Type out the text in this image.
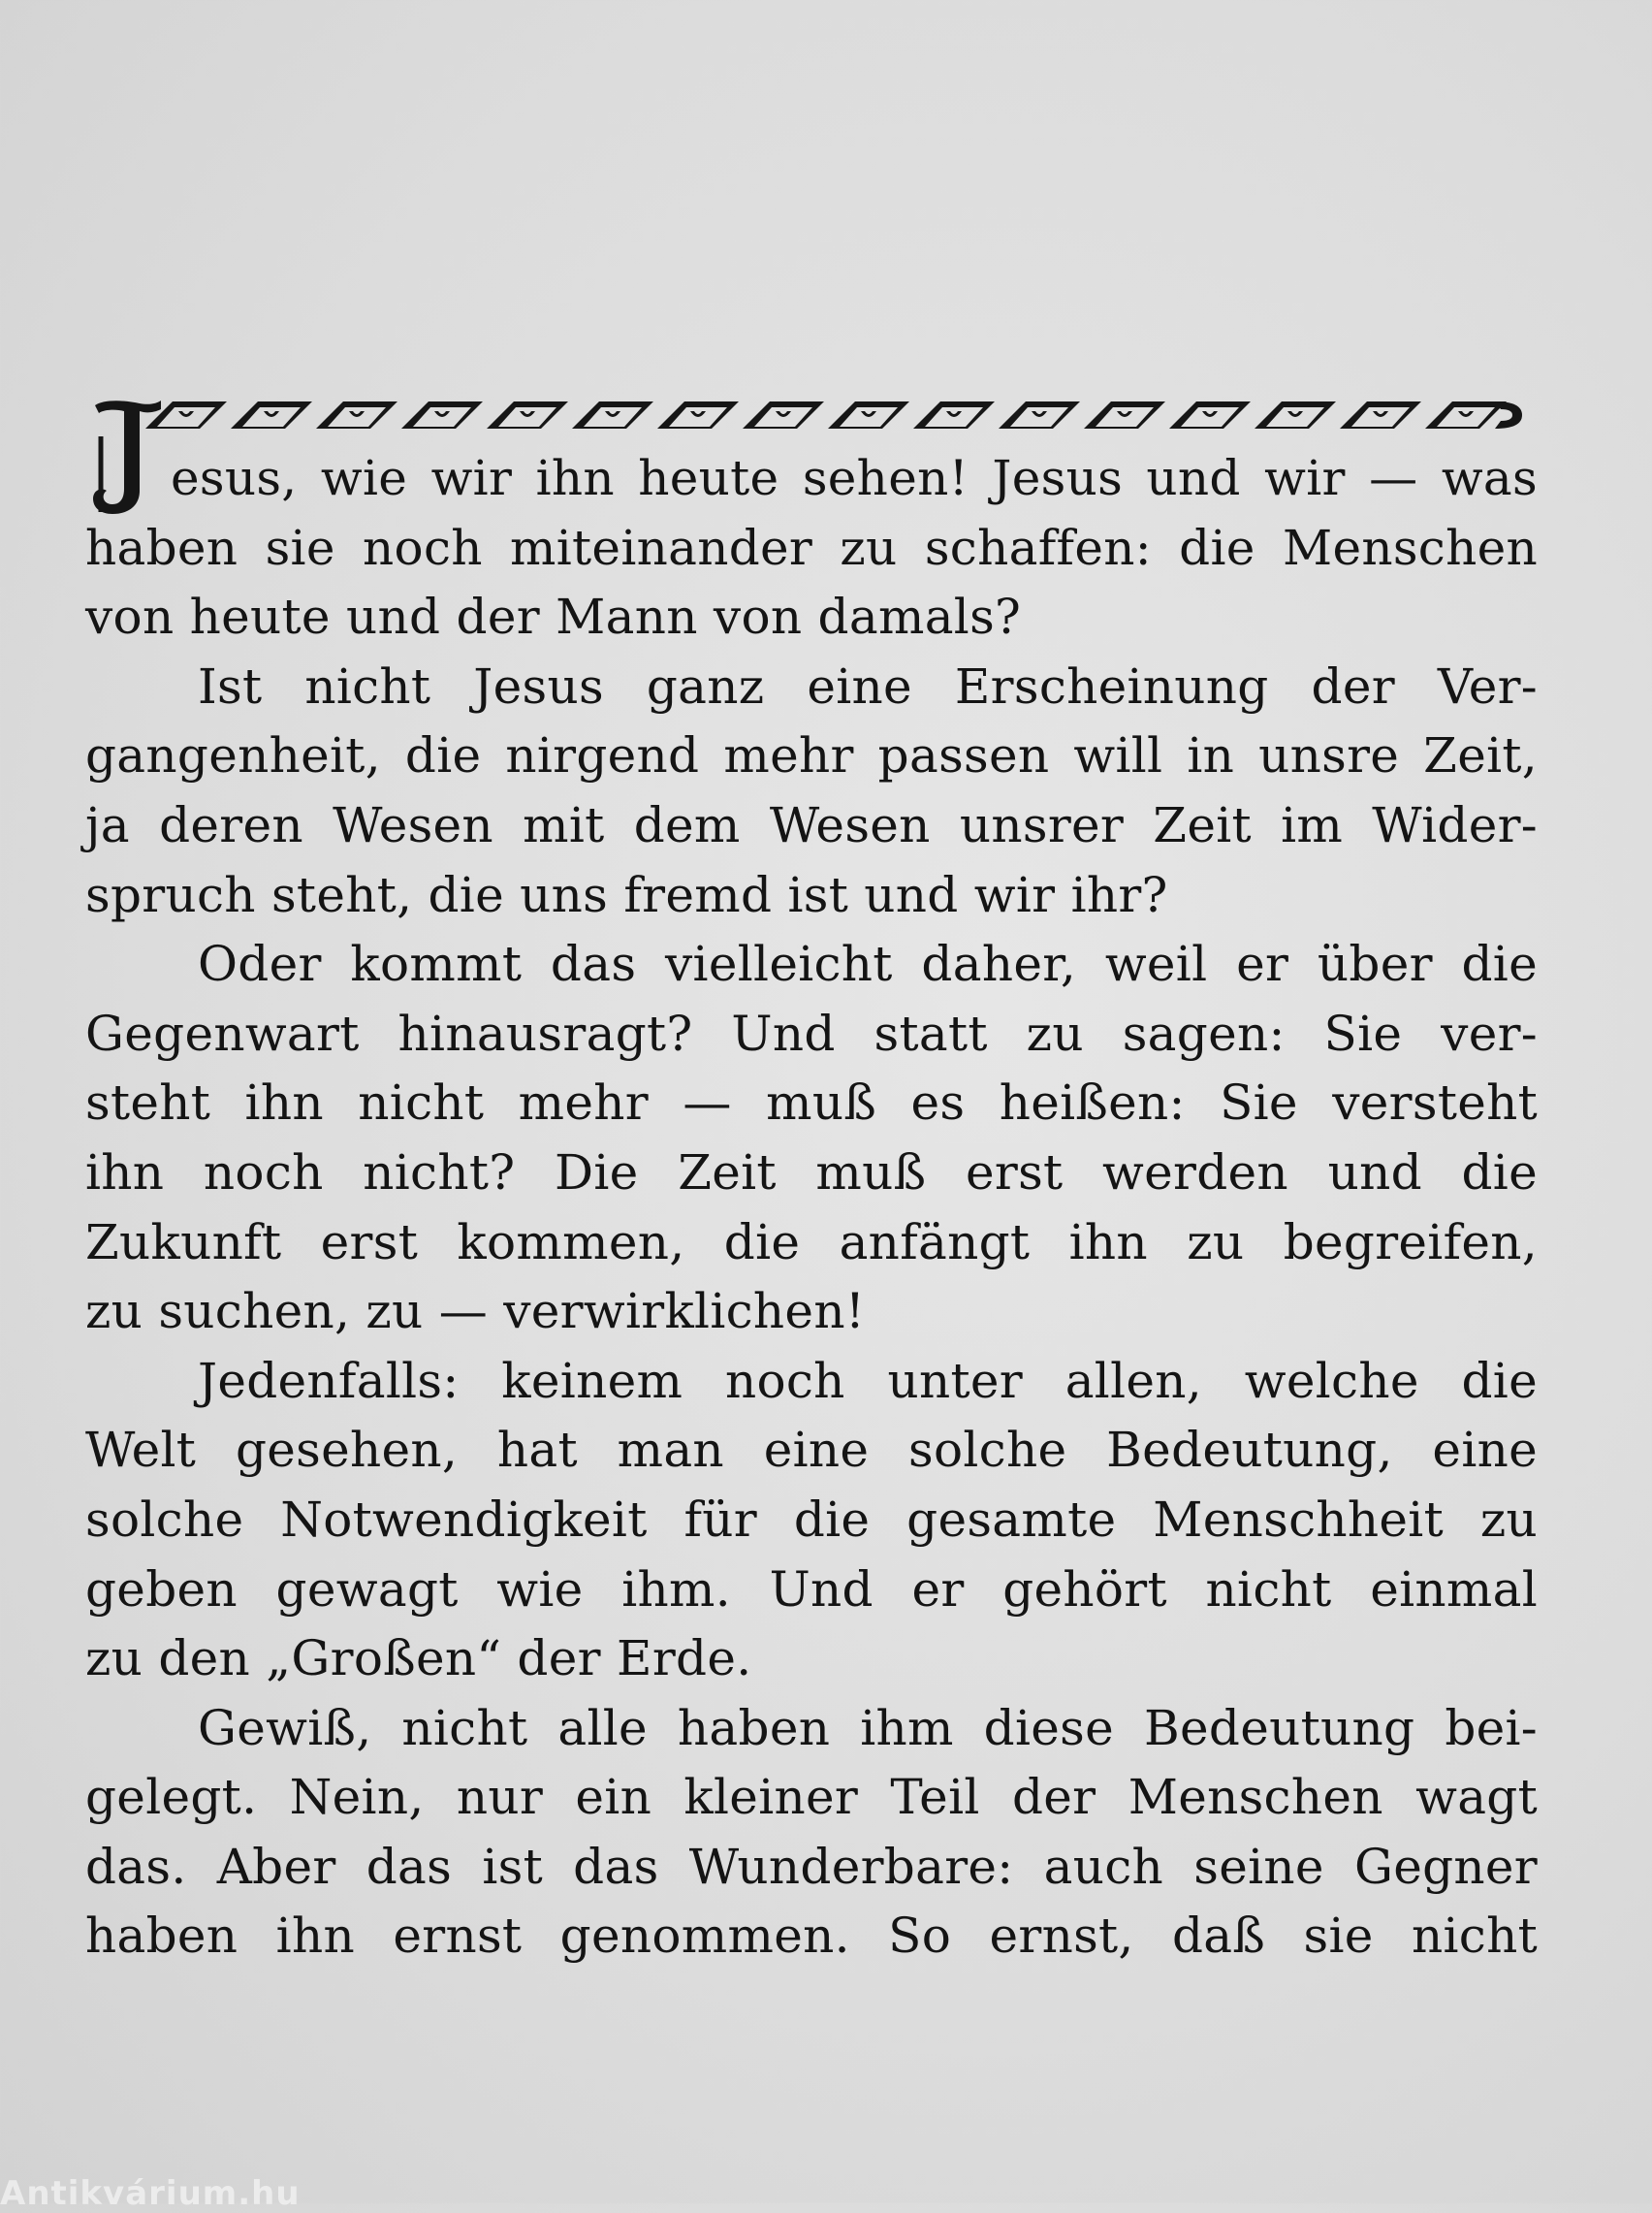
esus, wie wir ihn heute sehen! Jesus und wir — was
haben sie noch miteinander zu schaffen: die Menschen
von heute und der Mann von damals?
Ist nicht Jesus ganz eine Erscheinung der Ver-
gangenheit, die nirgend mehr passen will in unsre Zeit,
ja deren Wesen mit dem Wesen unsrer Zeit im Wider-
spruch steht, die uns fremd ist und wir ihr?
Oder kommt das vielleicht daher, weil er über die
Gegenwart hinausragt? Und statt zu sagen: Sie ver-
steht ihn nicht mehr — muß es heißen: Sie versteht
ihn noch nicht? Die Zeit muß erst werden und die
Zukunft erst kommen, die anfängt ihn zu begreifen,
zu suchen, zu — verwirklichen!
Jedenfalls: keinem noch unter allen, welche die
Welt gesehen, hat man eine solche Bedeutung, eine
solche Notwendigkeit für die gesamte Menschheit zu
geben gewagt wie ihm. Und er gehört nicht einmal
zu den „Großen“ der Erde.
Gewiß, nicht alle haben ihm diese Bedeutung bei-
gelegt. Nein, nur ein kleiner Teil der Menschen wagt
das. Aber das ist das Wunderbare: auch seine Gegner
haben ihn ernst genommen. So ernst, daß sie nicht
Antikvárium.hu
